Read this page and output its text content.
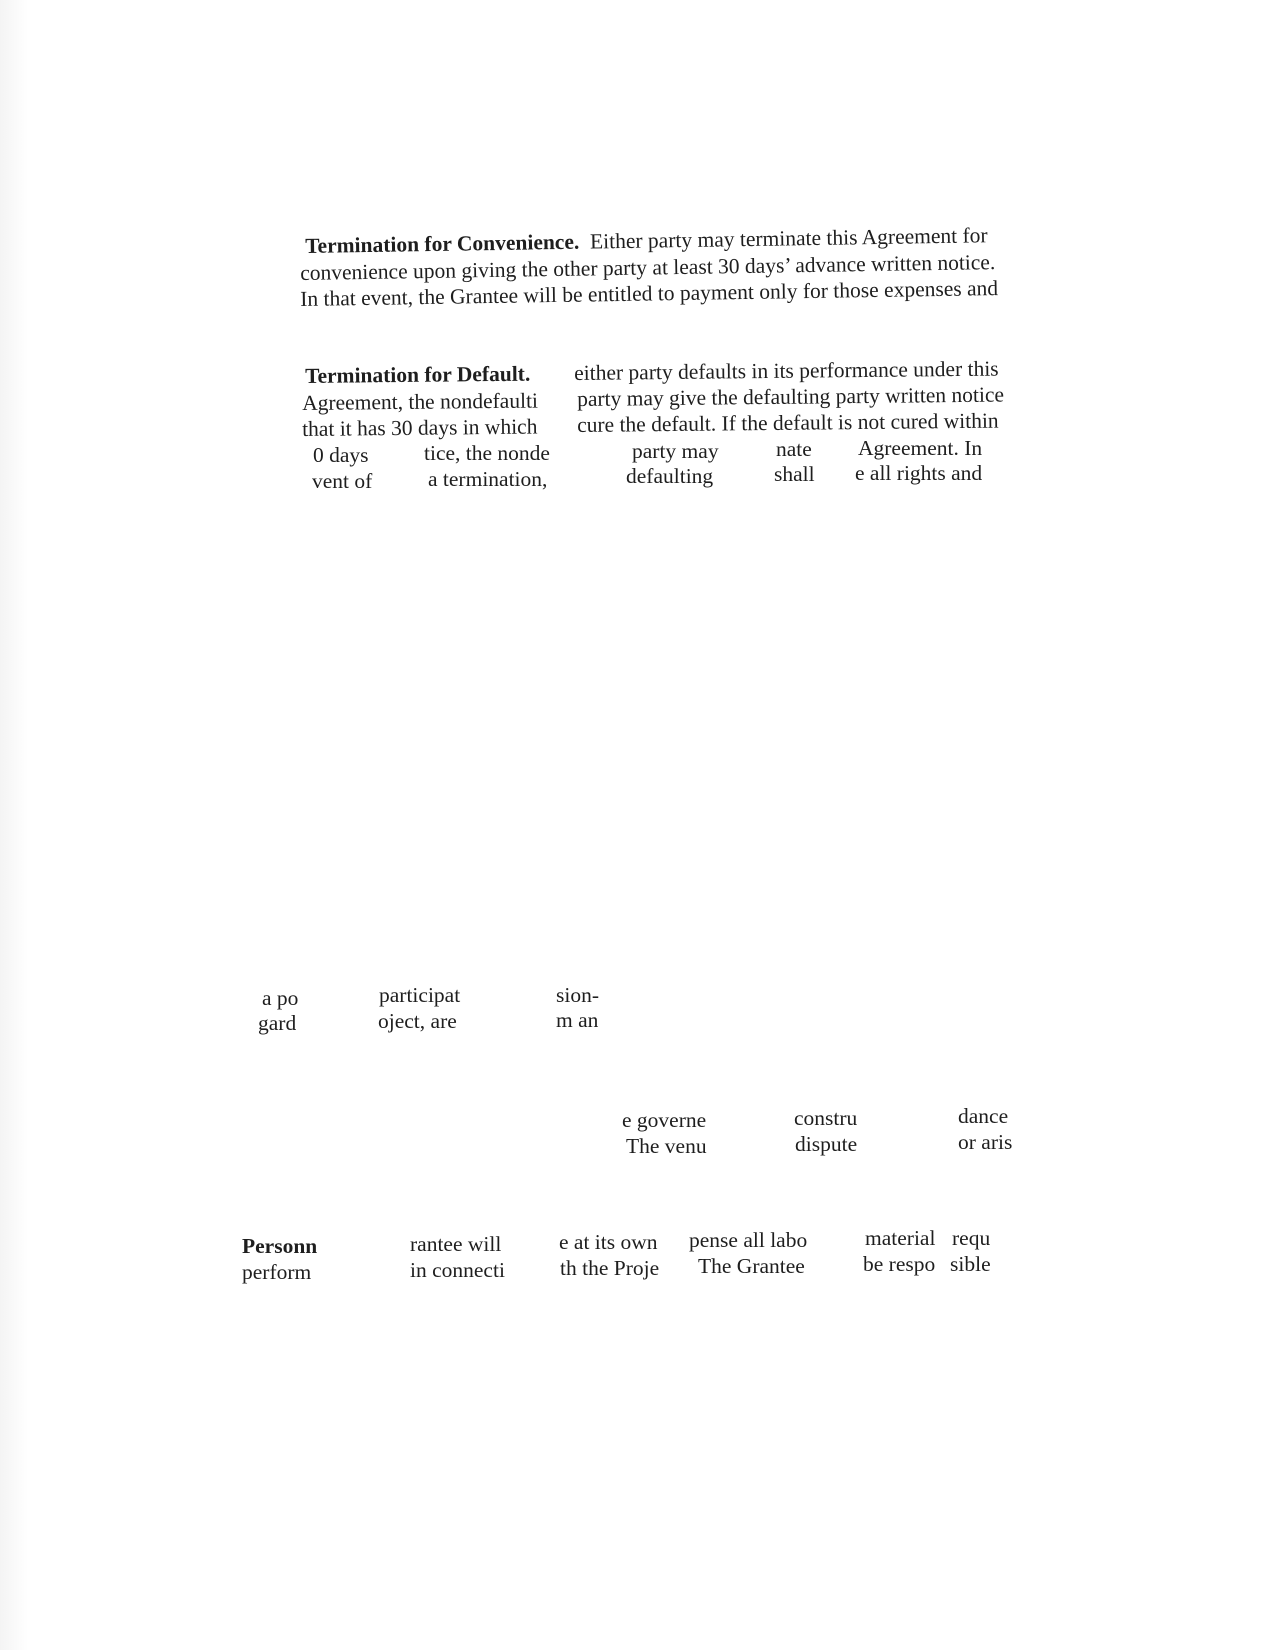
Termination for Convenience. Either party may terminate this Agreement for
convenience upon giving the other party at least 30 days’ advance written notice.
In that event, the Grantee will be entitled to payment only for those expenses and
Termination for Default.
Agreement, the nondefaulti
that it has 30 days in which
0 days
vent of
tice, the nonde
a termination,
either party defaults in its performance under this
party may give the defaulting party written notice
cure the default. If the default is not cured within
party may	nate Agreement. In
defaulting	shall e all rights and
a po
gard
participat
oject, are
sion-
m an
e governe
The venu
constru
dispute
dance
or aris
Personn
perform
rantee will
in connecti
e at its own
th the Proje
pense all labo
The Grantee
material
be respo
requ
sible
